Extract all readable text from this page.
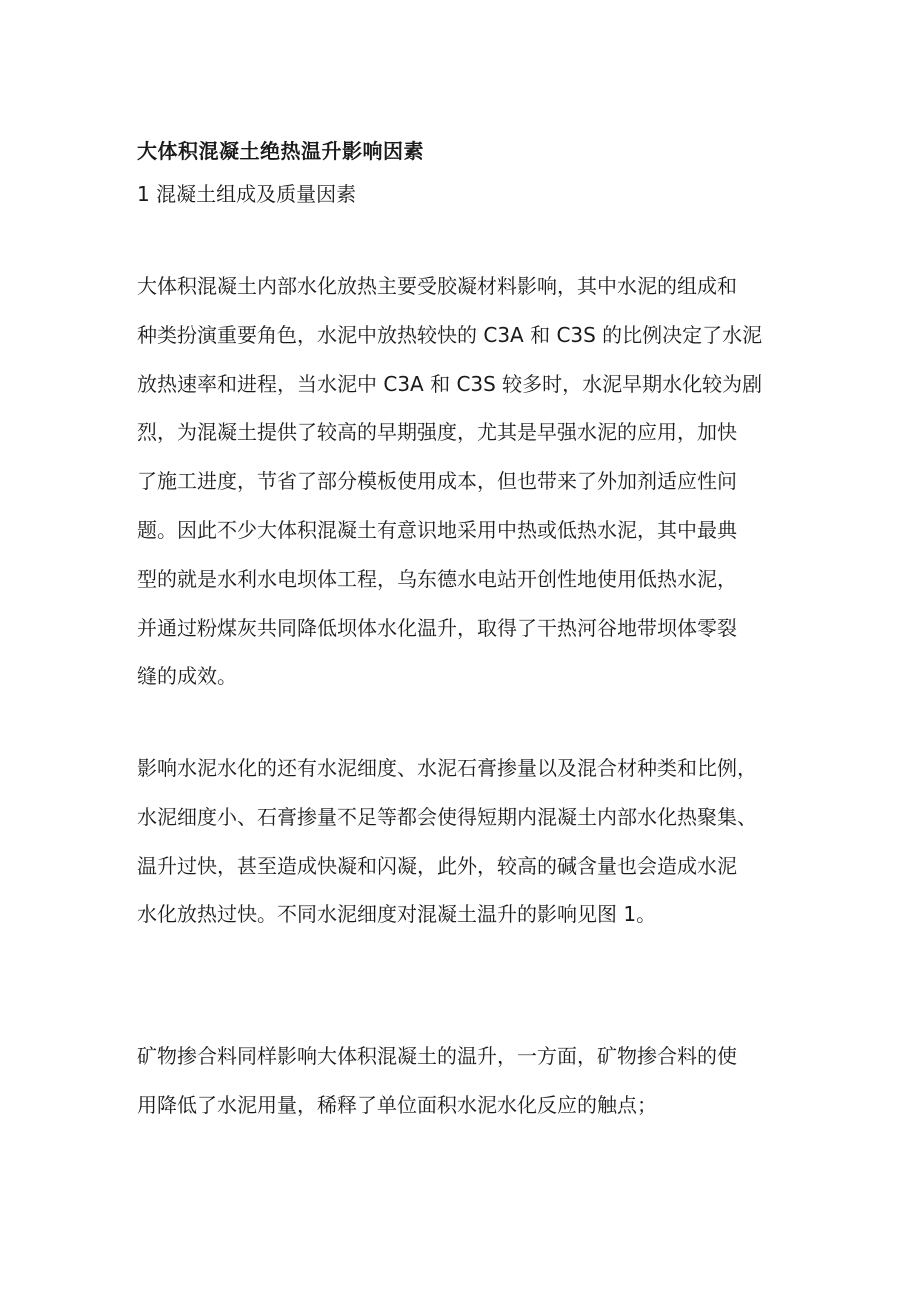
大体积混凝土绝热温升影响因素
1 混凝土组成及质量因素
大体积混凝土内部水化放热主要受胶凝材料影响，其中水泥的组成和
种类扮演重要角色，水泥中放热较快的 C3A 和 C3S 的比例决定了水泥
放热速率和进程，当水泥中 C3A 和 C3S 较多时，水泥早期水化较为剧
烈，为混凝土提供了较高的早期强度，尤其是早强水泥的应用，加快
了施工进度，节省了部分模板使用成本，但也带来了外加剂适应性问
题。因此不少大体积混凝土有意识地采用中热或低热水泥，其中最典
型的就是水利水电坝体工程，乌东德水电站开创性地使用低热水泥，
并通过粉煤灰共同降低坝体水化温升，取得了干热河谷地带坝体零裂
缝的成效。
影响水泥水化的还有水泥细度、水泥石膏掺量以及混合材种类和比例，
水泥细度小、石膏掺量不足等都会使得短期内混凝土内部水化热聚集、
温升过快，甚至造成快凝和闪凝，此外，较高的碱含量也会造成水泥
水化放热过快。不同水泥细度对混凝土温升的影响见图 1。
矿物掺合料同样影响大体积混凝土的温升，一方面，矿物掺合料的使
用降低了水泥用量，稀释了单位面积水泥水化反应的触点；
